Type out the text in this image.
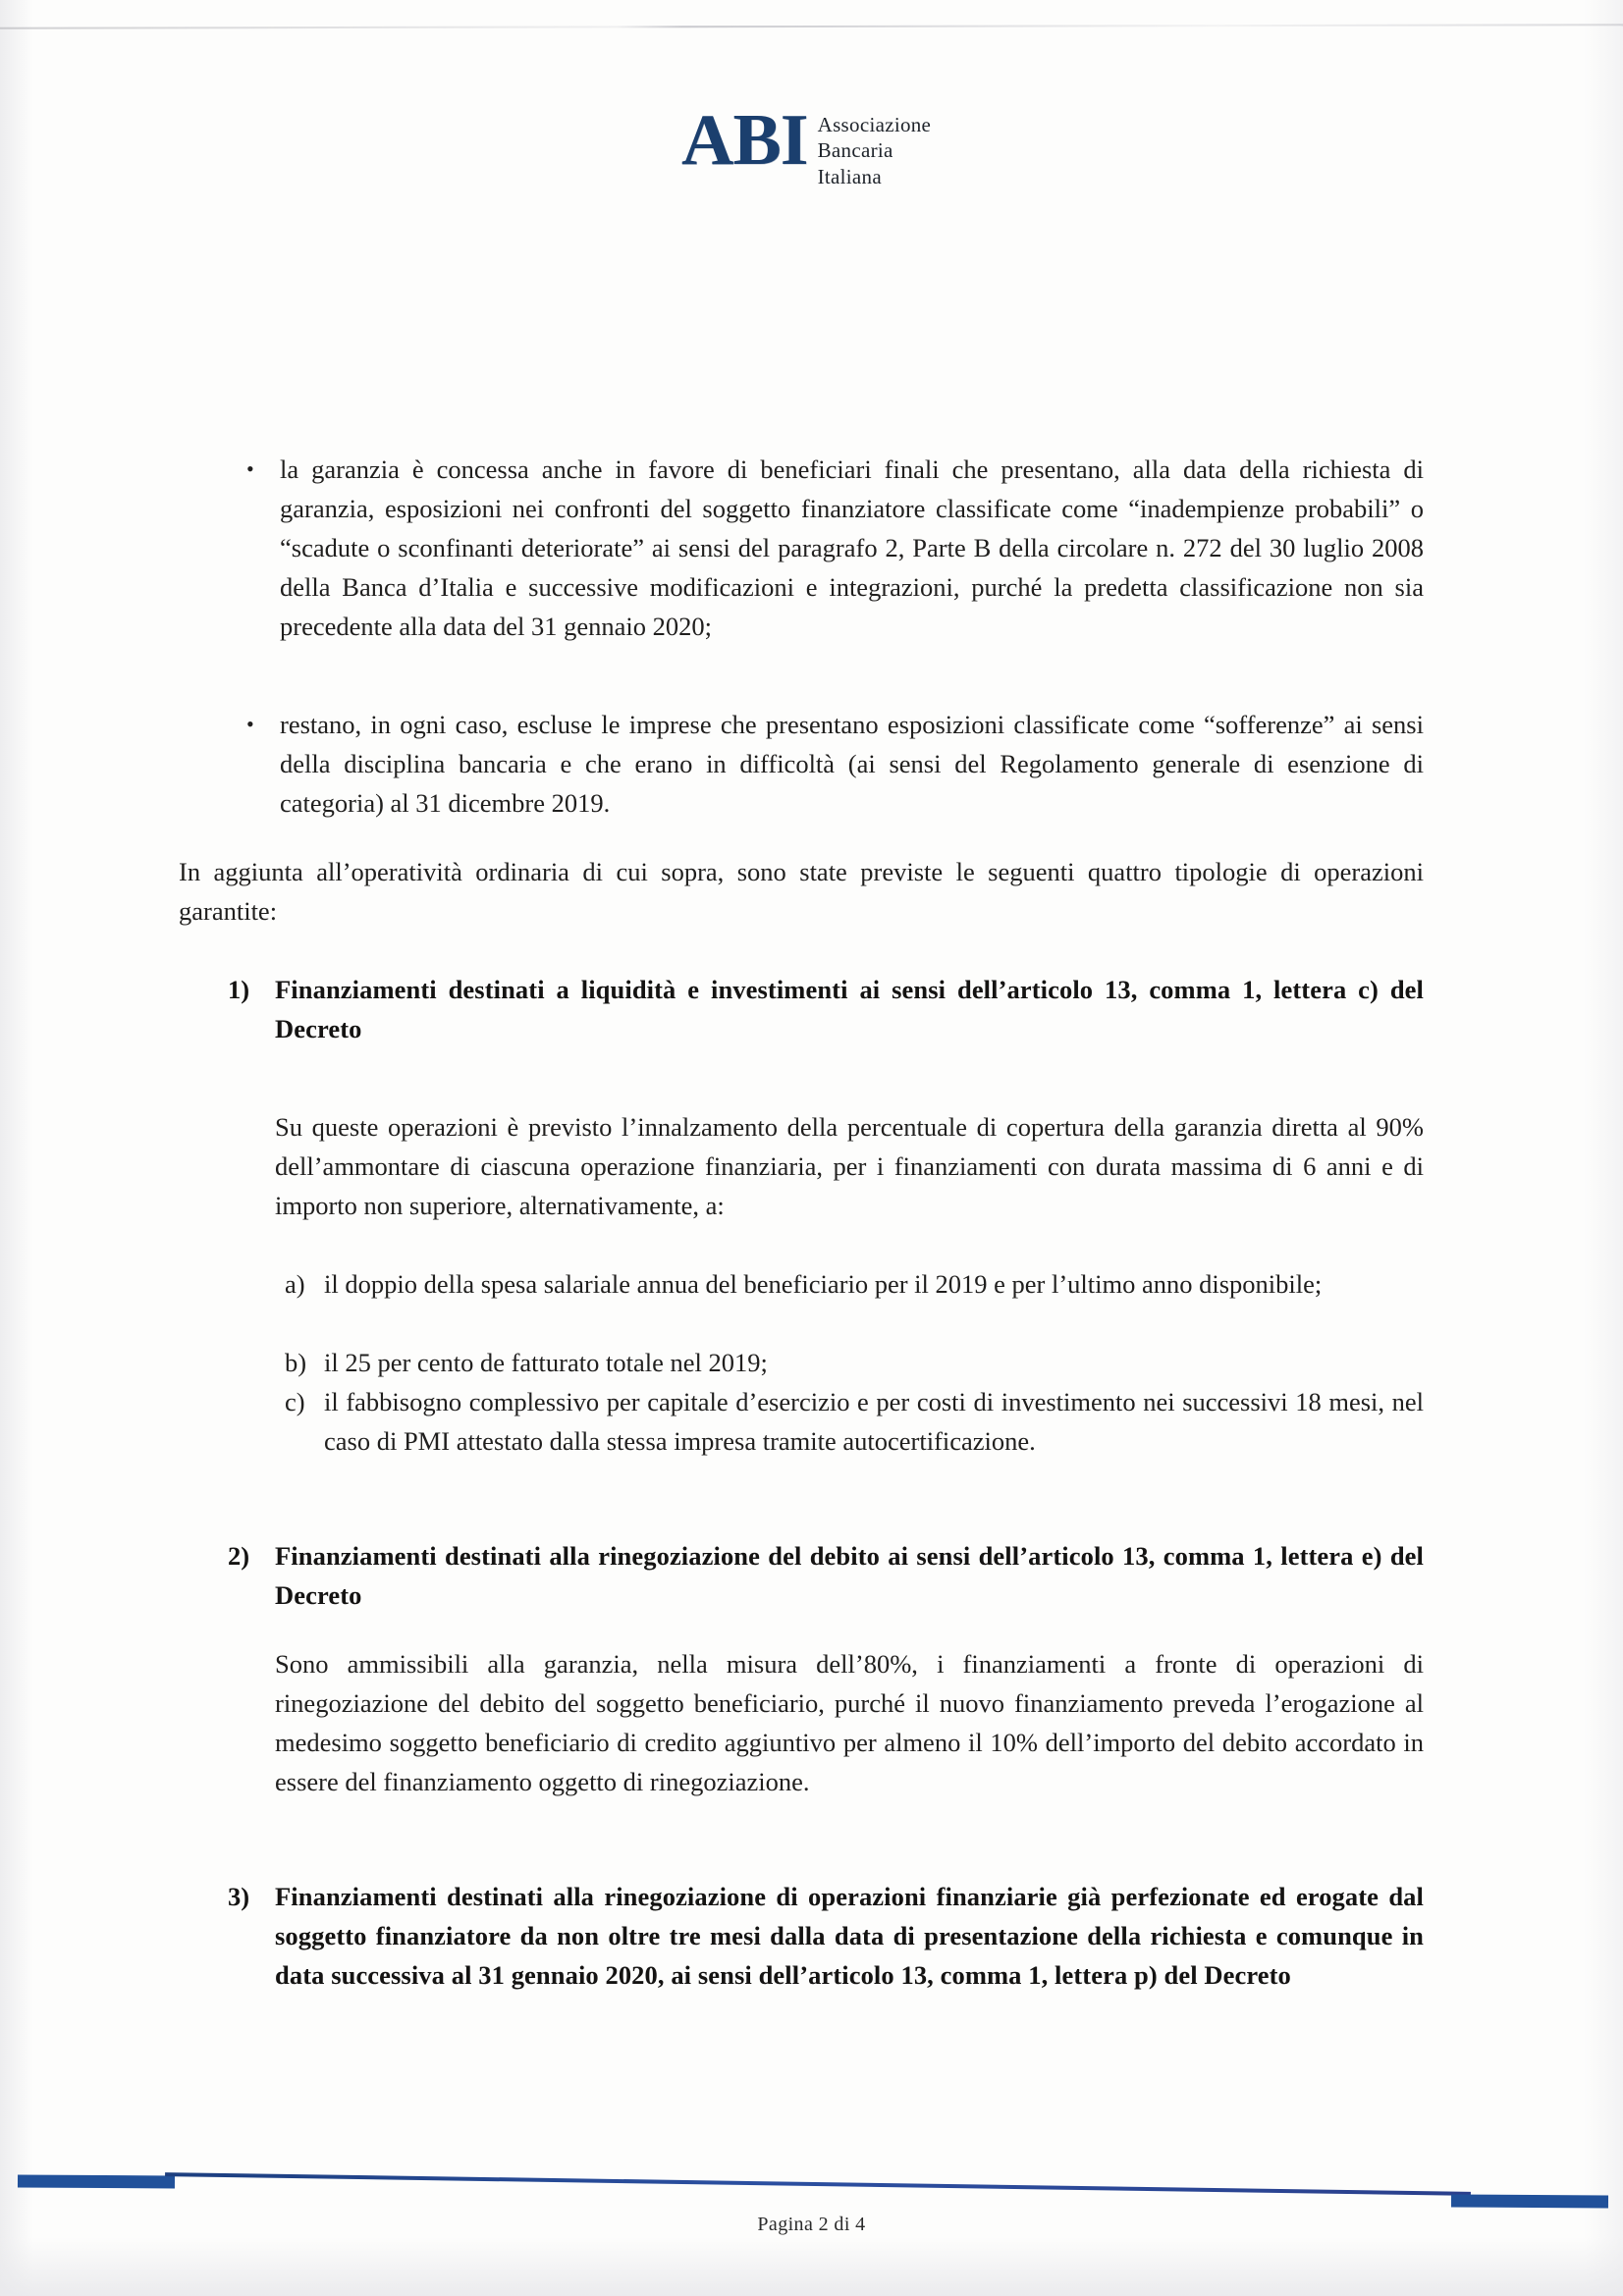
ABI Associazione
Bancaria
Italiana
• la garanzia è concessa anche in favore di beneficiari finali che presentano, alla data della richiesta di garanzia, esposizioni nei confronti del soggetto finanziatore classificate come “inadempienze probabili” o “scadute o sconfinanti deteriorate” ai sensi del paragrafo 2, Parte B della circolare n. 272 del 30 luglio 2008 della Banca d’Italia e successive modificazioni e integrazioni, purché la predetta classificazione non sia precedente alla data del 31 gennaio 2020;
• restano, in ogni caso, escluse le imprese che presentano esposizioni classificate come “sofferenze” ai sensi della disciplina bancaria e che erano in difficoltà (ai sensi del Regolamento generale di esenzione di categoria) al 31 dicembre 2019.
In aggiunta all’operatività ordinaria di cui sopra, sono state previste le seguenti quattro tipologie di operazioni garantite:
1) Finanziamenti destinati a liquidità e investimenti ai sensi dell’articolo 13, comma 1, lettera c) del Decreto
Su queste operazioni è previsto l’innalzamento della percentuale di copertura della garanzia diretta al 90% dell’ammontare di ciascuna operazione finanziaria, per i finanziamenti con durata massima di 6 anni e di importo non superiore, alternativamente, a:
a) il doppio della spesa salariale annua del beneficiario per il 2019 e per l’ultimo anno disponibile;
b) il 25 per cento de fatturato totale nel 2019;
c) il fabbisogno complessivo per capitale d’esercizio e per costi di investimento nei successivi 18 mesi, nel caso di PMI attestato dalla stessa impresa tramite autocertificazione.
2) Finanziamenti destinati alla rinegoziazione del debito ai sensi dell’articolo 13, comma 1, lettera e) del Decreto
Sono ammissibili alla garanzia, nella misura dell’80%, i finanziamenti a fronte di operazioni di rinegoziazione del debito del soggetto beneficiario, purché il nuovo finanziamento preveda l’erogazione al medesimo soggetto beneficiario di credito aggiuntivo per almeno il 10% dell’importo del debito accordato in essere del finanziamento oggetto di rinegoziazione.
3) Finanziamenti destinati alla rinegoziazione di operazioni finanziarie già perfezionate ed erogate dal soggetto finanziatore da non oltre tre mesi dalla data di presentazione della richiesta e comunque in data successiva al 31 gennaio 2020, ai sensi dell’articolo 13, comma 1, lettera p) del Decreto
Pagina 2 di 4
